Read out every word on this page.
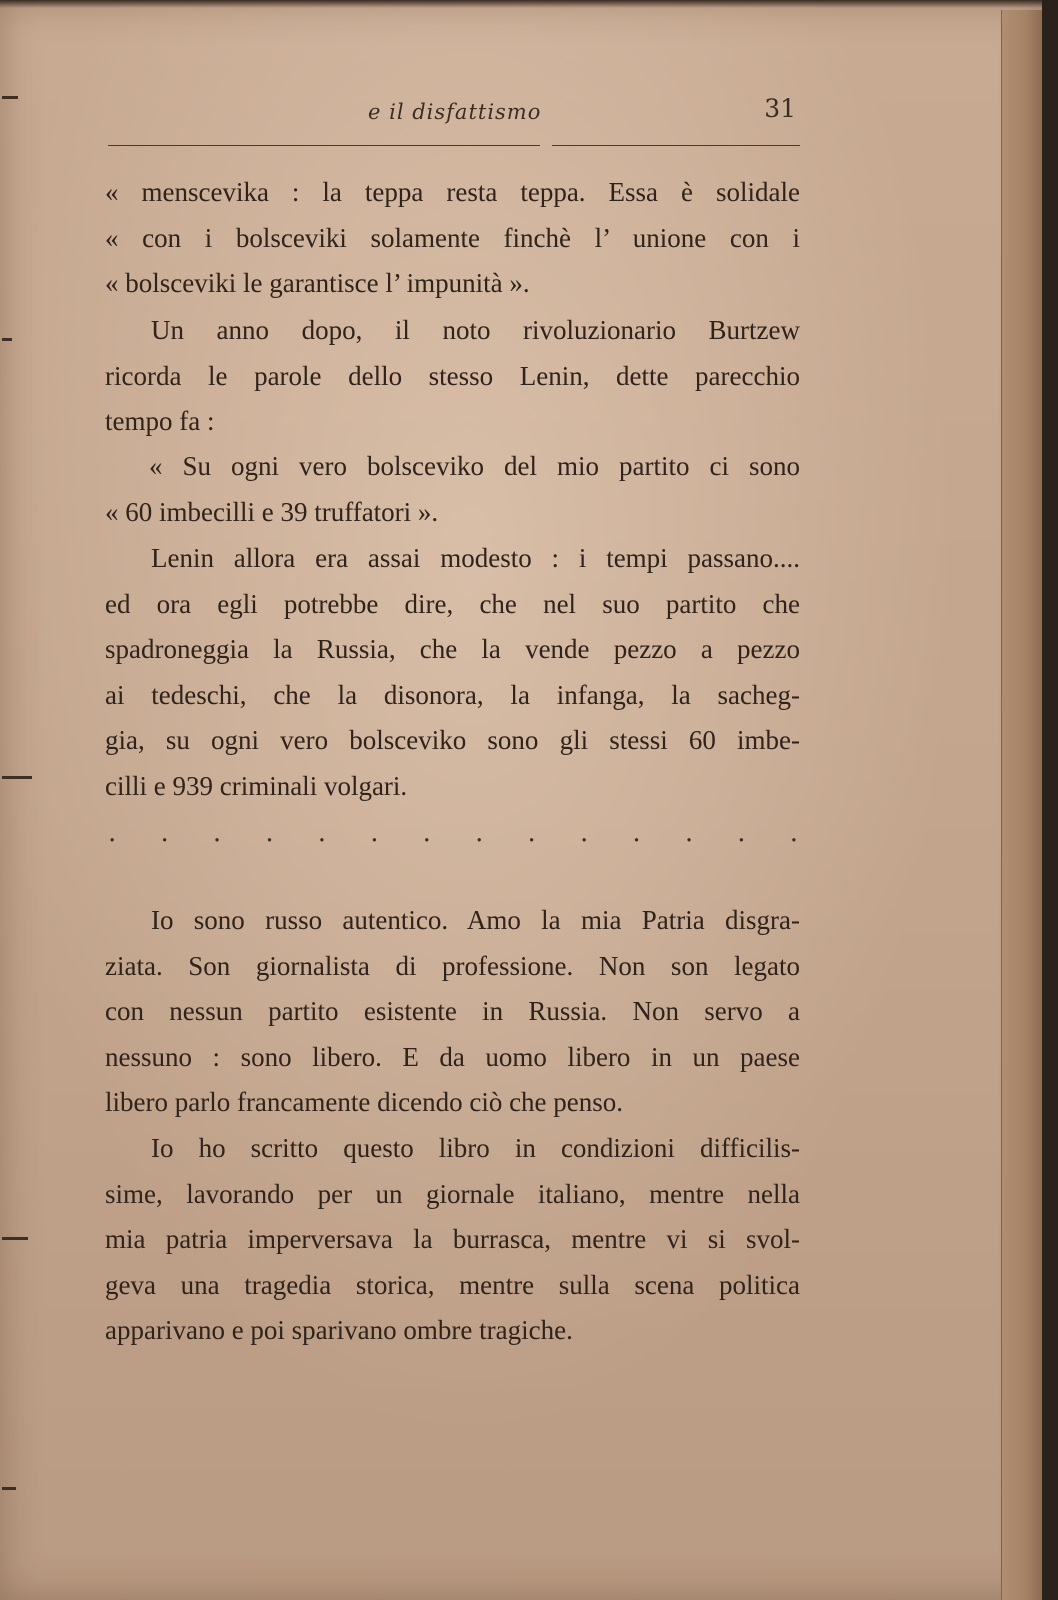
e il disfattismo	31
« menscevika : la teppa resta teppa. Essa è solidale
« con i bolsceviki solamente finchè l’ unione con i
« bolsceviki le garantisce l’ impunità ».
Un anno dopo, il noto rivoluzionario Burtzew
ricorda le parole dello stesso Lenin, dette parecchio
tempo fa :
« Su ogni vero bolsceviko del mio partito ci sono
« 60 imbecilli e 39 truffatori ».
Lenin allora era assai modesto : i tempi passano....
ed ora egli potrebbe dire, che nel suo partito che
spadroneggia la Russia, che la vende pezzo a pezzo
ai tedeschi, che la disonora, la infanga, la sacheg-
gia, su ogni vero bolsceviko sono gli stessi 60 imbe-
cilli e 939 criminali volgari.
. . . . . . . . . . . . . .
Io sono russo autentico. Amo la mia Patria disgra-
ziata. Son giornalista di professione. Non son legato
con nessun partito esistente in Russia. Non servo a
nessuno : sono libero. E da uomo libero in un paese
libero parlo francamente dicendo ciò che penso.
Io ho scritto questo libro in condizioni difficilis-
sime, lavorando per un giornale italiano, mentre nella
mia patria imperversava la burrasca, mentre vi si svol-
geva una tragedia storica, mentre sulla scena politica
apparivano e poi sparivano ombre tragiche.
